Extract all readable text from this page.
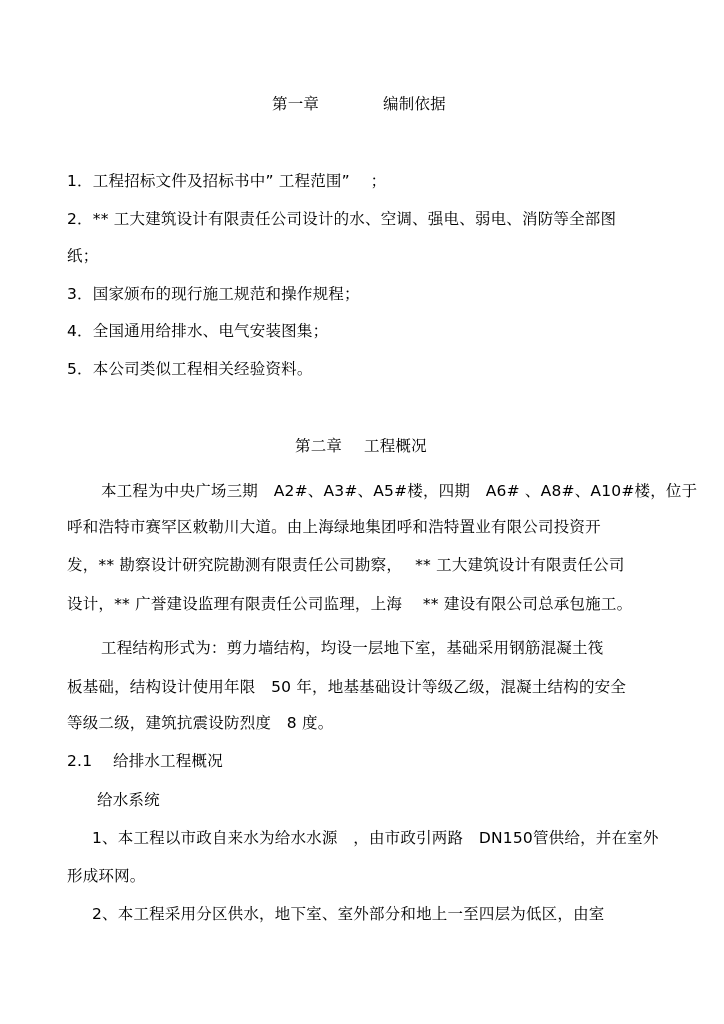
第一章	编制依据
1．工程招标文件及招标书中” 工程范围”　 ；
2．** 工大建筑设计有限责任公司设计的水、空调、强电、弱电、消防等全部图
纸；
3．国家颁布的现行施工规范和操作规程；
4．全国通用给排水、电气安装图集；
5．本公司类似工程相关经验资料。
第二章 工程概况
本工程为中央广场三期　A2#、A3#、A5#楼，四期　A6# 、A8#、A10#楼，位于
呼和浩特市赛罕区敕勒川大道。由上海绿地集团呼和浩特置业有限公司投资开
发，** 勘察设计研究院勘测有限责任公司勘察，　 ** 工大建筑设计有限责任公司
设计，** 广誉建设监理有限责任公司监理，上海　 ** 建设有限公司总承包施工。
工程结构形式为：剪力墙结构，均设一层地下室，基础采用钢筋混凝土筏
板基础，结构设计使用年限　50 年，地基基础设计等级乙级，混凝土结构的安全
等级二级，建筑抗震设防烈度　8 度。
2.1 给排水工程概况
给水系统
1、本工程以市政自来水为给水水源　，由市政引两路　DN150管供给，并在室外
形成环网。
2、本工程采用分区供水，地下室、室外部分和地上一至四层为低区，由室
